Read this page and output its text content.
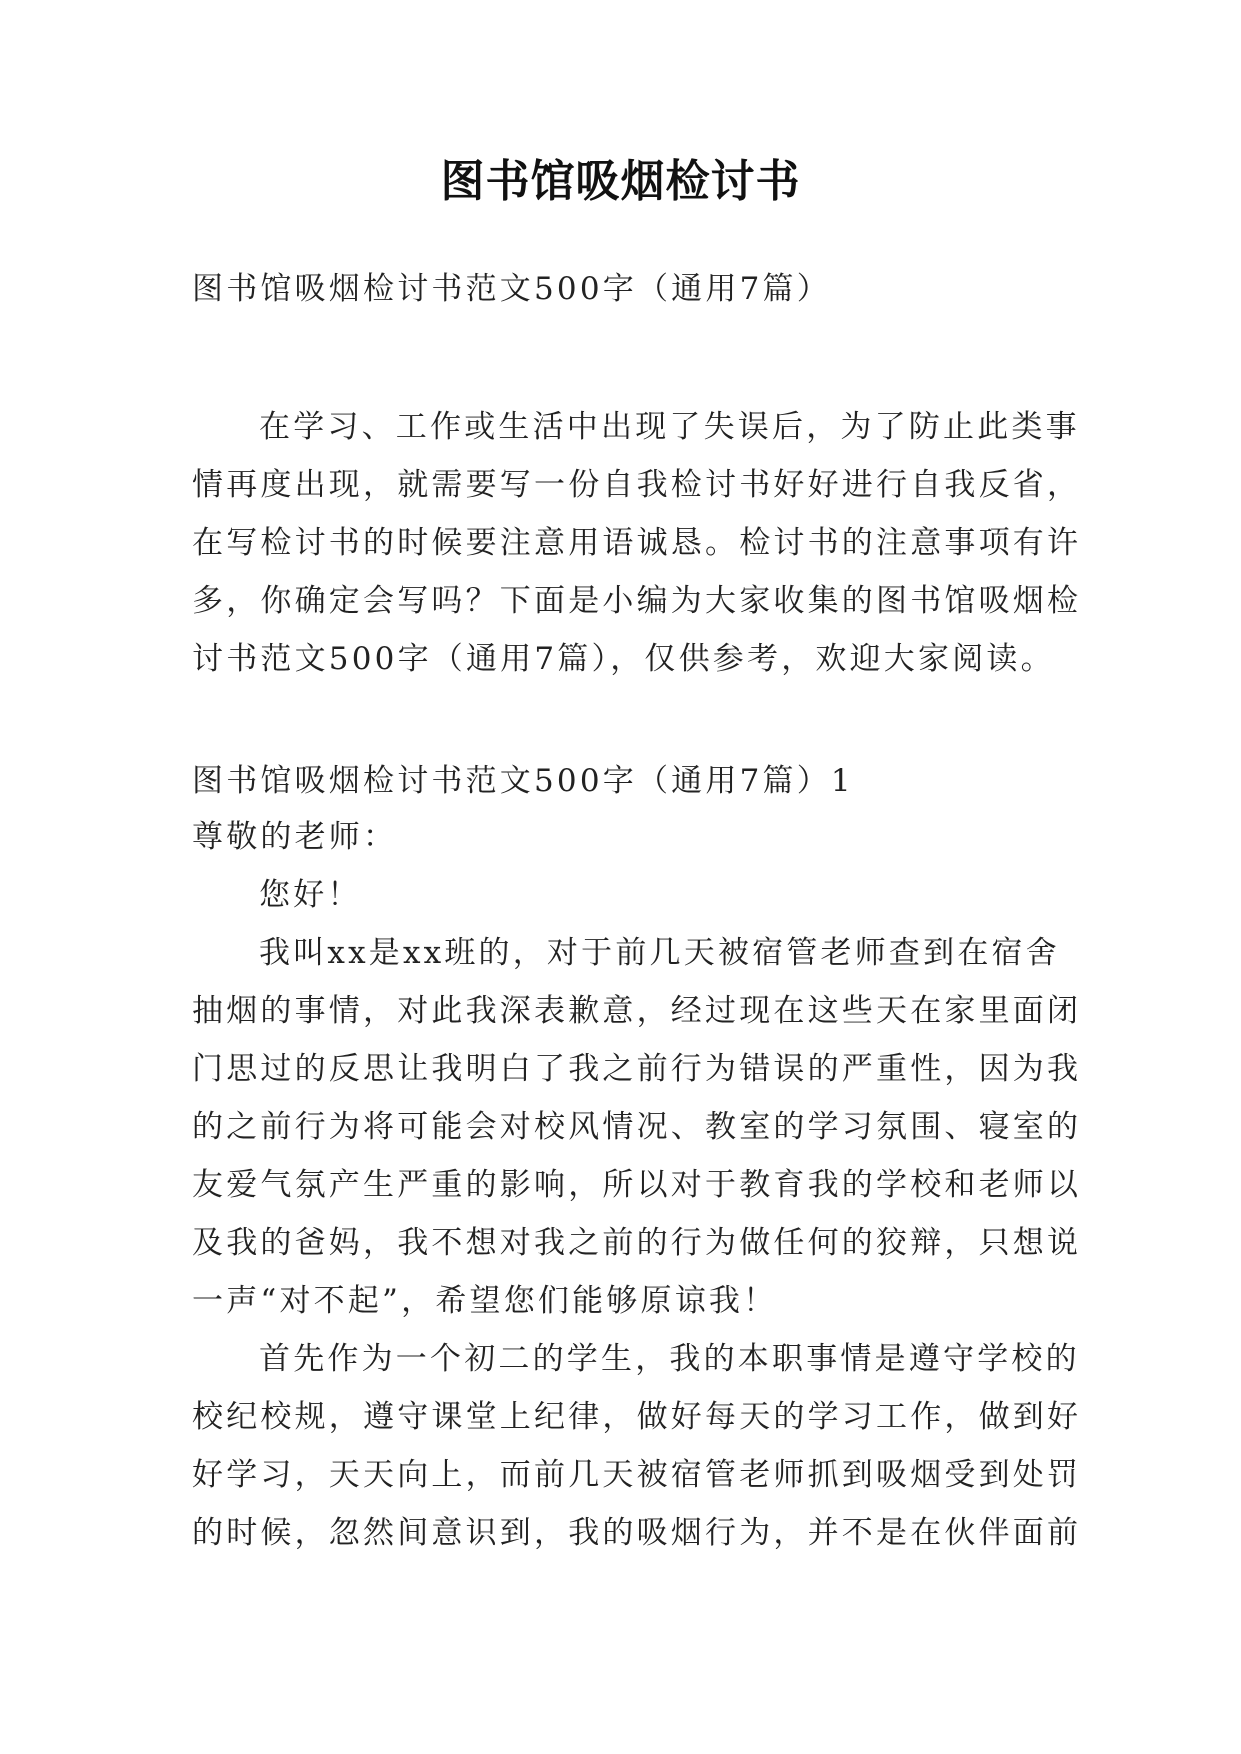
图书馆吸烟检讨书
图书馆吸烟检讨书范文500字（通用7篇）
在学习、工作或生活中出现了失误后，为了防止此类事
情再度出现，就需要写一份自我检讨书好好进行自我反省，
在写检讨书的时候要注意用语诚恳。检讨书的注意事项有许
多，你确定会写吗？下面是小编为大家收集的图书馆吸烟检
讨书范文500字（通用7篇），仅供参考，欢迎大家阅读。
图书馆吸烟检讨书范文500字（通用7篇）1
尊敬的老师：
您好！
我叫xx是xx班的，对于前几天被宿管老师查到在宿舍
抽烟的事情，对此我深表歉意，经过现在这些天在家里面闭
门思过的反思让我明白了我之前行为错误的严重性，因为我
的之前行为将可能会对校风情况、教室的学习氛围、寝室的
友爱气氛产生严重的影响，所以对于教育我的学校和老师以
及我的爸妈，我不想对我之前的行为做任何的狡辩，只想说
一声“对不起”，希望您们能够原谅我！
首先作为一个初二的学生，我的本职事情是遵守学校的
校纪校规，遵守课堂上纪律，做好每天的学习工作，做到好
好学习，天天向上，而前几天被宿管老师抓到吸烟受到处罚
的时候，忽然间意识到，我的吸烟行为，并不是在伙伴面前
